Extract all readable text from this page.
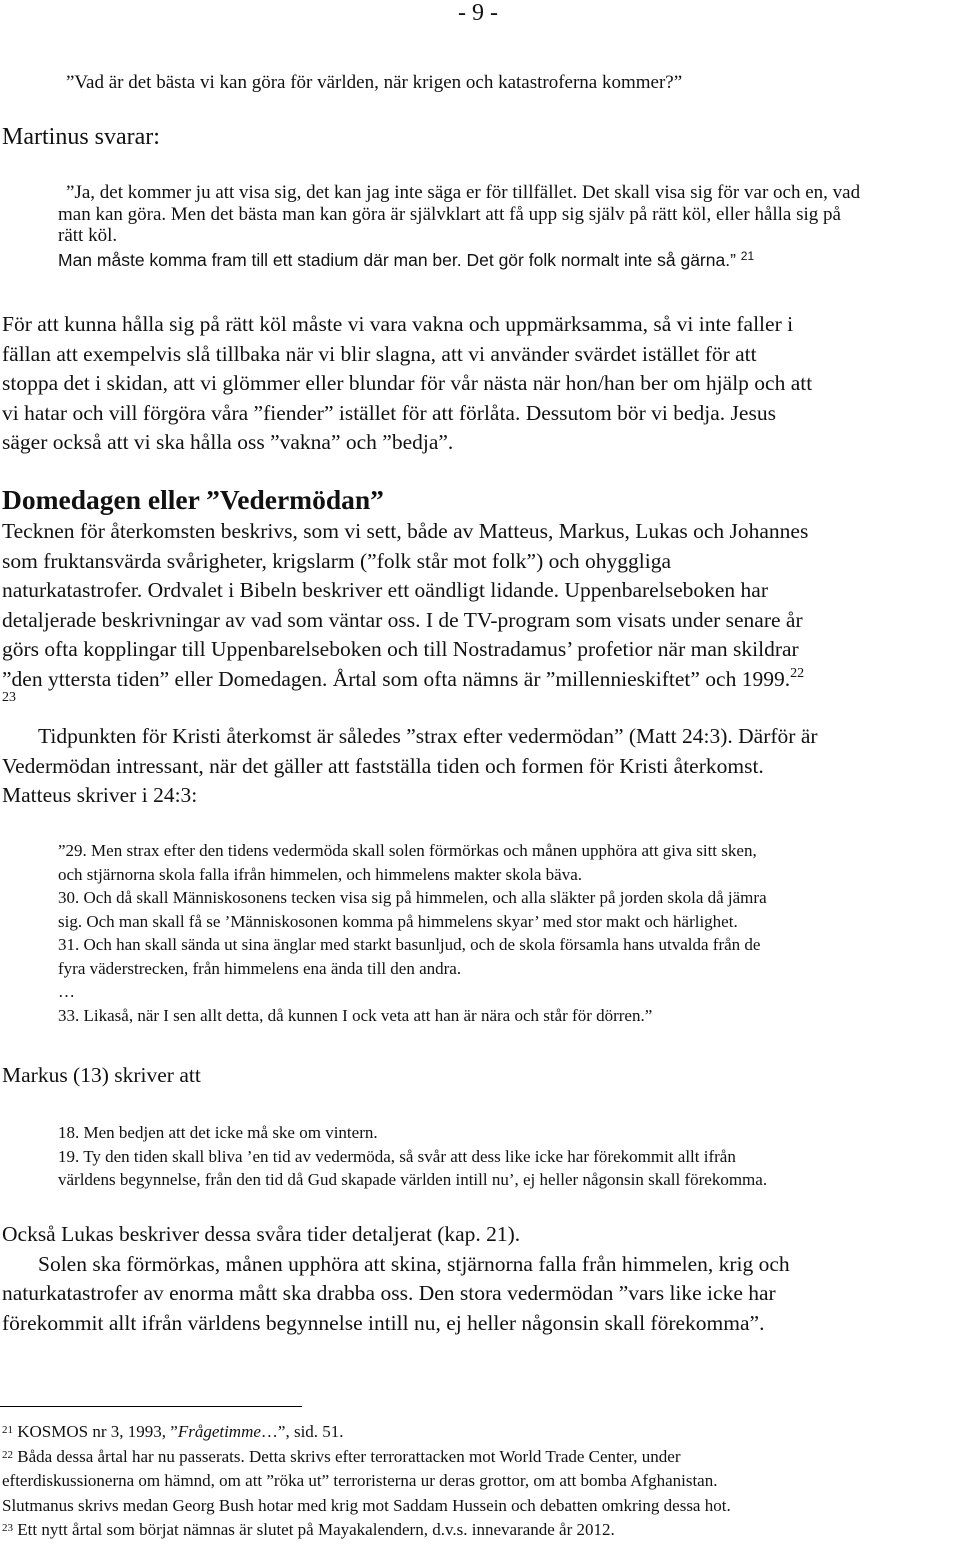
- 9 -
”Vad är det bästa vi kan göra för världen, när krigen och katastroferna kommer?”
Martinus svarar:
”Ja, det kommer ju att visa sig, det kan jag inte säga er för tillfället. Det skall visa sig för var och en, vad
man kan göra. Men det bästa man kan göra är självklart att få upp sig själv på rätt köl, eller hålla sig på
rätt köl.
Man måste komma fram till ett stadium där man ber. Det gör folk normalt inte så gärna.” $^{21}$
För att kunna hålla sig på rätt köl måste vi vara vakna och uppmärksamma, så vi inte faller i
fällan att exempelvis slå tillbaka när vi blir slagna, att vi använder svärdet istället för att
stoppa det i skidan, att vi glömmer eller blundar för vår nästa när hon/han ber om hjälp och att
vi hatar och vill förgöra våra ”fiender” istället för att förlåta. Dessutom bör vi bedja. Jesus
säger också att vi ska hålla oss ”vakna” och ”bedja”.
Domedagen eller ”Vedermödan”
Tecknen för återkomsten beskrivs, som vi sett, både av Matteus, Markus, Lukas och Johannes
som fruktansvärda svårigheter, krigslarm (”folk står mot folk”) och ohyggliga
naturkatastrofer. Ordvalet i Bibeln beskriver ett oändligt lidande. Uppenbarelseboken har
detaljerade beskrivningar av vad som väntar oss. I de TV-program som visats under senare år
görs ofta kopplingar till Uppenbarelseboken och till Nostradamus’ profetior när man skildrar
”den yttersta tiden” eller Domedagen. Årtal som ofta nämns är ”millennieskiftet” och 1999.22
23
Tidpunkten för Kristi återkomst är således ”strax efter vedermödan” (Matt 24:3). Därför är
Vedermödan intressant, när det gäller att fastställa tiden och formen för Kristi återkomst.
Matteus skriver i 24:3:
”29. Men strax efter den tidens vedermöda skall solen förmörkas och månen upphöra att giva sitt sken,
och stjärnorna skola falla ifrån himmelen, och himmelens makter skola bäva.
30. Och då skall Människosonens tecken visa sig på himmelen, och alla släkter på jorden skola då jämra
sig. Och man skall få se ’Människosonen komma på himmelens skyar’ med stor makt och härlighet.
31. Och han skall sända ut sina änglar med starkt basunljud, och de skola församla hans utvalda från de
fyra väderstrecken, från himmelens ena ända till den andra.
…
33. Likaså, när I sen allt detta, då kunnen I ock veta att han är nära och står för dörren.”
Markus (13) skriver att
18. Men bedjen att det icke må ske om vintern.
19. Ty den tiden skall bliva ’en tid av vedermöda, så svår att dess like icke har förekommit allt ifrån
världens begynnelse, från den tid då Gud skapade världen intill nu’, ej heller någonsin skall förekomma.
Också Lukas beskriver dessa svåra tider detaljerat (kap. 21).
Solen ska förmörkas, månen upphöra att skina, stjärnorna falla från himmelen, krig och
naturkatastrofer av enorma mått ska drabba oss. Den stora vedermödan ”vars like icke har
förekommit allt ifrån världens begynnelse intill nu, ej heller någonsin skall förekomma”.
$^{21}$ KOSMOS nr 3, 1993, ”Frågetimme…”, sid. 51.
$^{22}$ Båda dessa årtal har nu passerats. Detta skrivs efter terrorattacken mot World Trade Center, under
efterdiskussionerna om hämnd, om att ”röka ut” terroristerna ur deras grottor, om att bomba Afghanistan.
Slutmanus skrivs medan Georg Bush hotar med krig mot Saddam Hussein och debatten omkring dessa hot.
$^{23}$ Ett nytt årtal som börjat nämnas är slutet på Mayakalendern, d.v.s. innevarande år 2012.
